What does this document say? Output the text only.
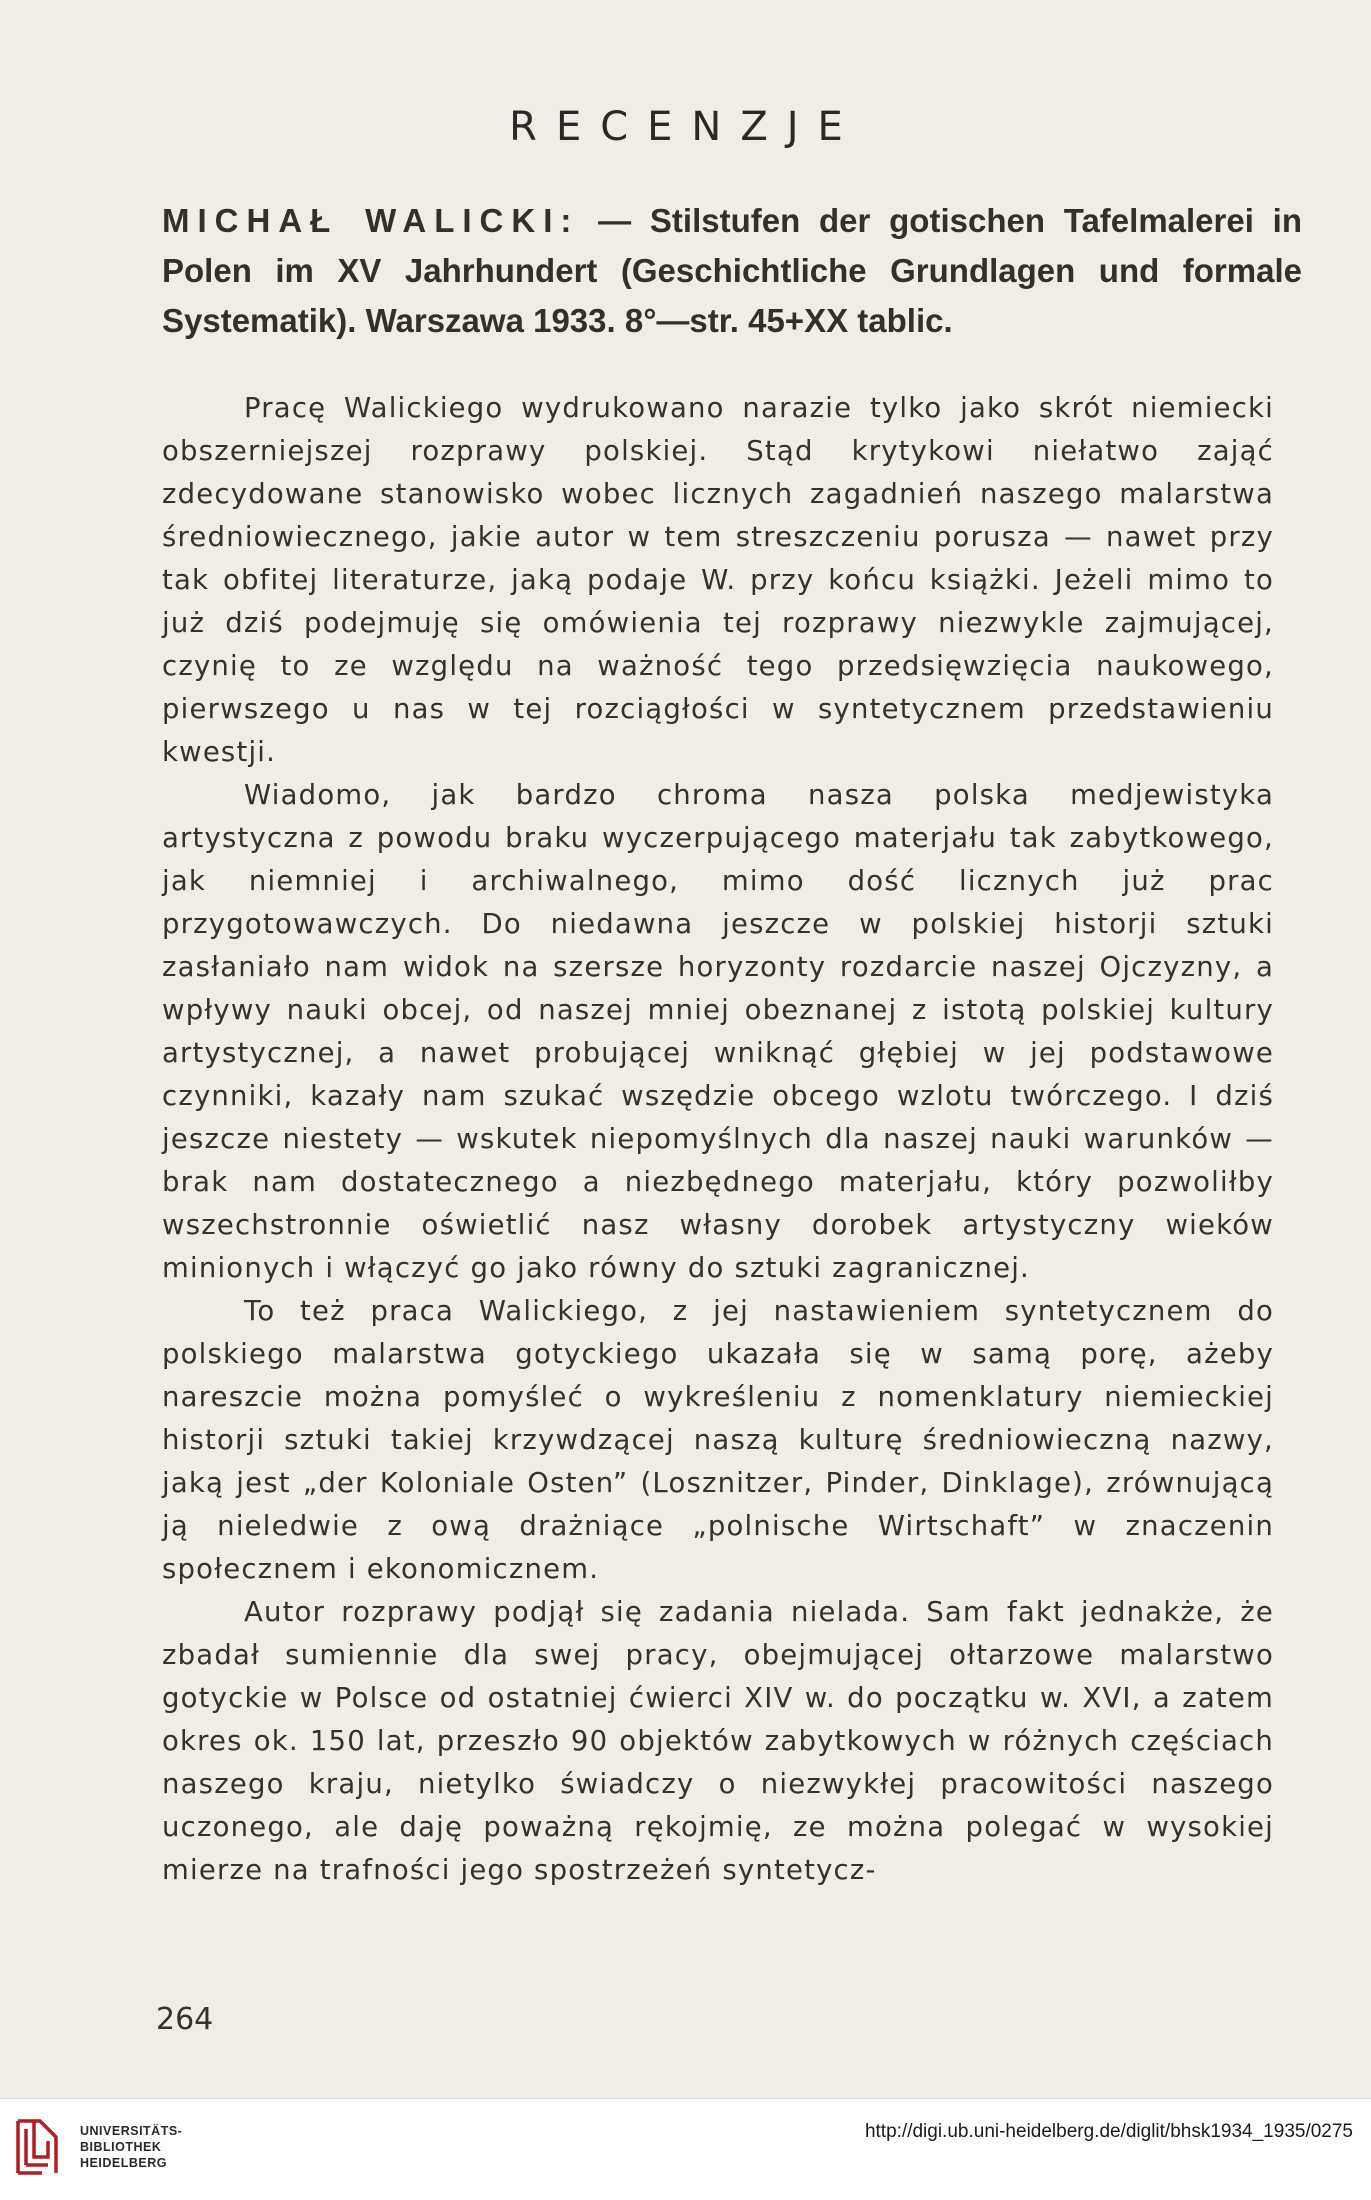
RECENZJE
MICHAŁ WALICKI: — Stilstufen der gotischen Tafelmalerei in Polen im XV Jahrhundert (Geschichtliche Grundlagen und formale Systematik). Warszawa 1933. 8°—str. 45+XX tablic.

Pracę Walickiego wydrukowano narazie tylko jako skrót niemiecki obszerniejszej rozprawy polskiej. Stąd krytykowi niełatwo zająć zdecydowane stanowisko wobec licznych zagadnień naszego malarstwa średniowiecznego, jakie autor w tem streszczeniu porusza — nawet przy tak obfitej literaturze, jaką podaje W. przy końcu książki. Jeżeli mimo to już dziś podejmuję się omówienia tej rozprawy niezwykle zajmującej, czynię to ze względu na ważność tego przedsięwzięcia naukowego, pierwszego u nas w tej rozciągłości w syntetycznem przedstawieniu kwestji.

Wiadomo, jak bardzo chroma nasza polska medjewistyka artystyczna z powodu braku wyczerpującego materjału tak zabytkowego, jak niemniej i archiwalnego, mimo dość licznych już prac przygotowawczych. Do niedawna jeszcze w polskiej historji sztuki zasłaniało nam widok na szersze horyzonty rozdarcie naszej Ojczyzny, a wpływy nauki obcej, od naszej mniej obeznanej z istotą polskiej kultury artystycznej, a nawet probującej wniknąć głębiej w jej podstawowe czynniki, kazały nam szukać wszędzie obcego wzlotu twórczego. I dziś jeszcze niestety — wskutek niepomyślnych dla naszej nauki warunków — brak nam dostatecznego a niezbędnego materjału, który pozwoliłby wszechstronnie oświetlić nasz własny dorobek artystyczny wieków minionych i włączyć go jako równy do sztuki zagranicznej.

To też praca Walickiego, z jej nastawieniem syntetycznem do polskiego malarstwa gotyckiego ukazała się w samą porę, ażeby nareszcie można pomyśleć o wykreśleniu z nomenklatury niemieckiej historji sztuki takiej krzywdzącej naszą kulturę średniowieczną nazwy, jaką jest „der Koloniale Osten” (Losznitzer, Pinder, Dinklage), zrównującą ją nieledwie z ową drażniące „polnische Wirtschaft” w znaczenin społecznem i ekonomicznem.

Autor rozprawy podjął się zadania nielada. Sam fakt jednakże, że zbadał sumiennie dla swej pracy, obejmującej ołtarzowe malarstwo gotyckie w Polsce od ostatniej ćwierci XIV w. do początku w. XVI, a zatem okres ok. 150 lat, przeszło 90 objektów zabytkowych w różnych częściach naszego kraju, nietylko świadczy o niezwykłej pracowitości naszego uczonego, ale daję poważną rękojmię, ze można polegać w wysokiej mierze na trafności jego spostrzeżeń syntetycz-

264
UNIVERSITÄTS-
BIBLIOTHEK
HEIDELBERG
http://digi.ub.uni-heidelberg.de/diglit/bhsk1934_1935/0275
